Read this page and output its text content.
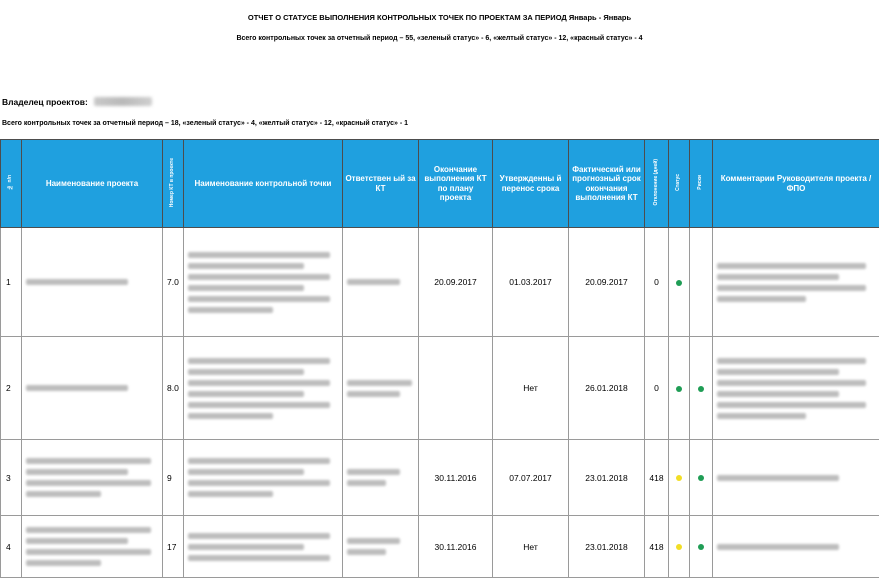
ОТЧЕТ О СТАТУСЕ ВЫПОЛНЕНИЯ КОНТРОЛЬНЫХ ТОЧЕК ПО ПРОЕКТАМ ЗА ПЕРИОД Январь - Январь
Всего контрольных точек за отчетный период – 55, «зеленый статус» - 6, «желтый статус» - 12, «красный статус» - 4
Владелец проектов:
Всего контрольных точек за отчетный период – 18, «зеленый статус» - 4, «желтый статус» - 12, «красный статус» - 1
№ п/п	Наименование проекта	Номер КТ в проекте	Наименование контрольной точки	Ответствен ый за КТ	Окончание выполнения КТ по плану проекта	Утвержденны й перенос срока	Фактический или прогнозный срок окончания выполнения КТ	Отклонение (дней)	Статус	Риски	Комментарии Руководителя проекта / ФПО
1		7.0			20.09.2017	01.03.2017	20.09.2017	0			

2		8.0				Нет	26.01.2018	0			

3		9			30.11.2016	07.07.2017	23.01.2018	418			

4		17			30.11.2016	Нет	23.01.2018	418			
